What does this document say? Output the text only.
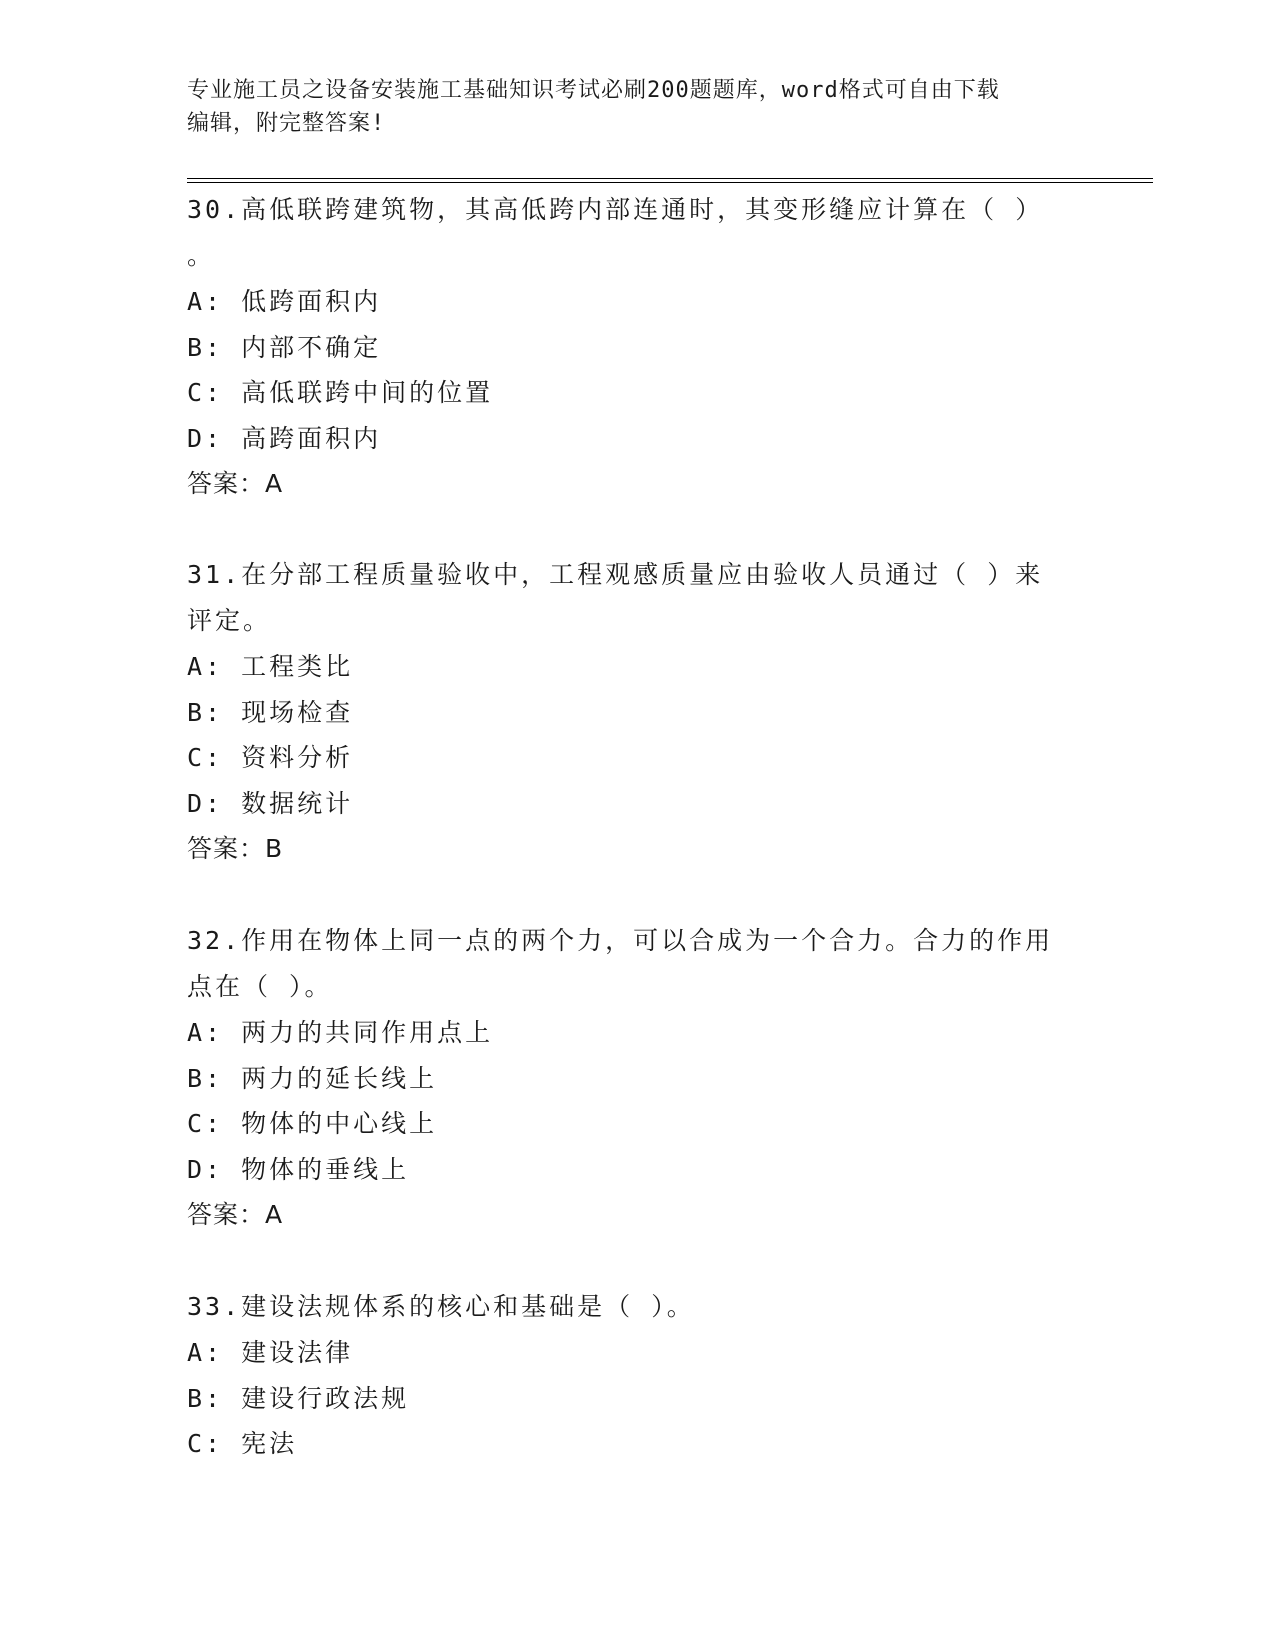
专业施工员之设备安装施工基础知识考试必刷200题题库，word格式可自由下载
编辑，附完整答案!
30.高低联跨建筑物，其高低跨内部连通时，其变形缝应计算在（ ）
。
A: 低跨面积内
B: 内部不确定
C: 高低联跨中间的位置
D: 高跨面积内
答案：A
31.在分部工程质量验收中，工程观感质量应由验收人员通过（ ）来
评定。
A: 工程类比
B: 现场检查
C: 资料分析
D: 数据统计
答案：B
32.作用在物体上同一点的两个力，可以合成为一个合力。合力的作用
点在（ ）。
A: 两力的共同作用点上
B: 两力的延长线上
C: 物体的中心线上
D: 物体的垂线上
答案：A
33.建设法规体系的核心和基础是（ ）。
A: 建设法律
B: 建设行政法规
C: 宪法
